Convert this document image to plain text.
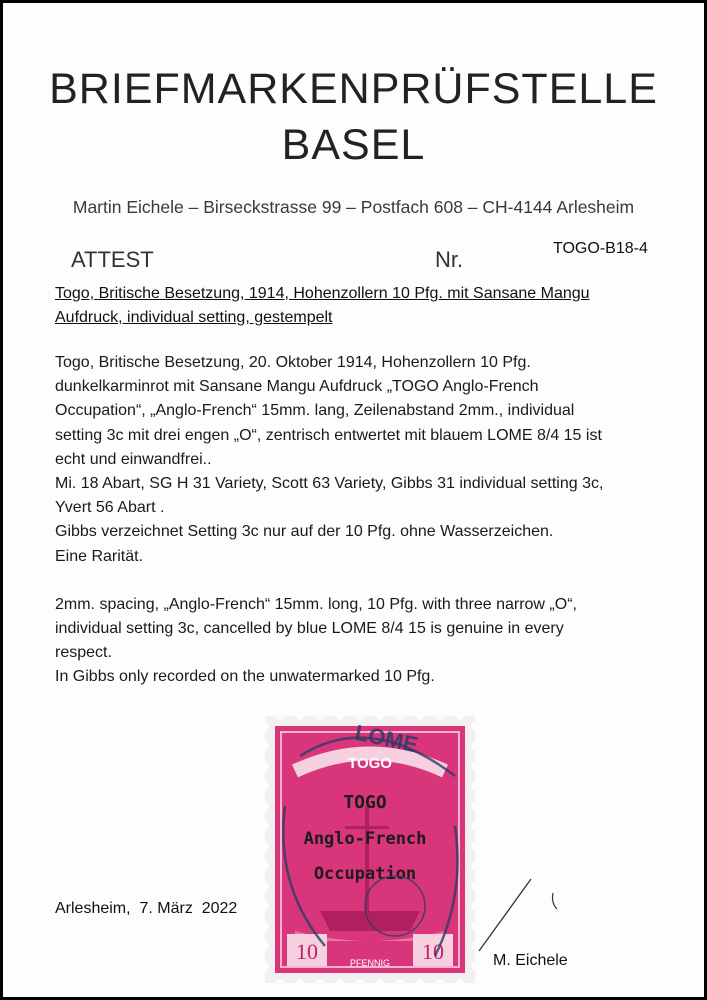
BRIEFMARKENPRÜFSTELLE
BASEL
Martin Eichele – Birseckstrasse 99 – Postfach 608 – CH-4144 Arlesheim
ATTEST	Nr.	TOGO-B18-4
Togo, Britische Besetzung, 1914, Hohenzollern 10 Pfg. mit Sansane Mangu
Aufdruck, individual setting, gestempelt

Togo, Britische Besetzung, 20. Oktober 1914, Hohenzollern 10 Pfg.

dunkelkarminrot mit Sansane Mangu Aufdruck „TOGO Anglo-French

Occupation“, „Anglo-French“ 15mm. lang, Zeilenabstand 2mm., individual

setting 3c mit drei engen „O“, zentrisch entwertet mit blauem LOME 8/4 15 ist

echt und einwandfrei..

Mi. 18 Abart, SG H 31 Variety, Scott 63 Variety, Gibbs 31 individual setting 3c,

Yvert 56 Abart .

Gibbs verzeichnet Setting 3c nur auf der 10 Pfg. ohne Wasserzeichen.

Eine Rarität.

2mm. spacing, „Anglo-French“ 15mm. long, 10 Pfg. with three narrow „O“,

individual setting 3c, cancelled by blue LOME 8/4 15 is genuine in every

respect.

In Gibbs only recorded on the unwatermarked 10 Pfg.

TOGO
10	10
PFENNIG
TOGO
Anglo-French
Occupation
LOME
Arlesheim,  7. März  2022
M. Eichele
